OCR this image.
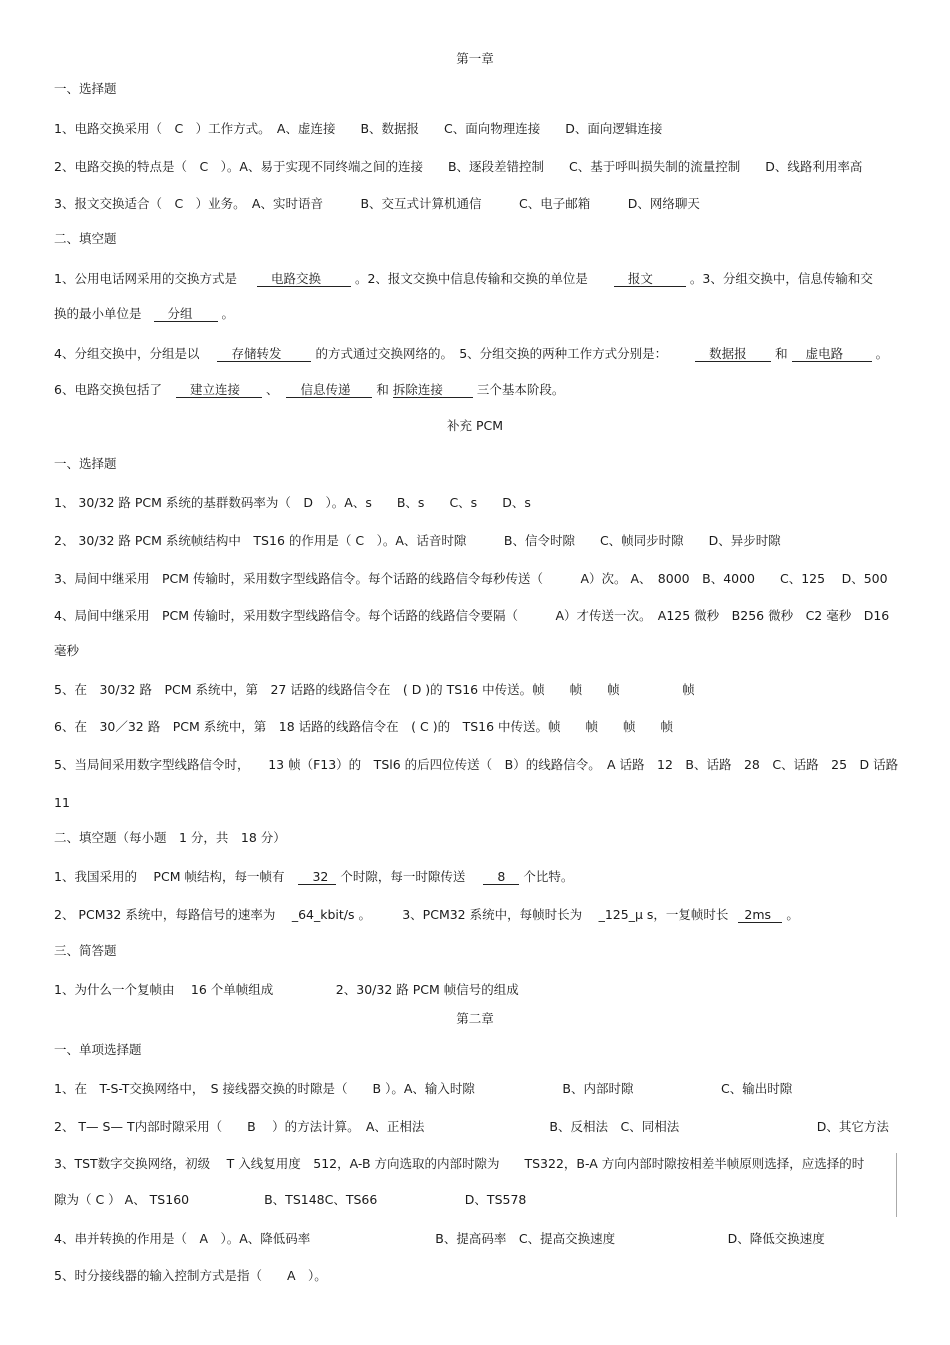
第一章
一、选择题
1、电路交换采用（　C　）工作方式。　A、虚连接　　B、数据报　　C、面向物理连接　　D、面向逻辑连接
2、电路交换的特点是（　C　）。A、易于实现不同终端之间的连接　　B、逐段差错控制　　C、基于呼叫损失制的流量控制　　D、线路利用率高
3、报文交换适合（　C　）业务。　A、实时语音　　　B、交互式计算机通信　　　C、电子邮箱　　　D、网络聊天
二、填空题
1、公用电话网采用的交换方式是	电路交换	。2、报文交换中信息传输和交换的单位是	报文	。3、分组交换中，信息传输和交
换的最小单位是 分组 。
4、分组交换中，分组是以	存储转发	的方式通过交换网络的。　5、分组交换的两种工作方式分别是：	数据报 和 虚电路	。
6、电路交换包括了 建立连接 、 信息传递 和 拆除连接	三个基本阶段。
补充 PCM
一、选择题
1、 30/32 路 PCM 系统的基群数码率为（　D　）。A、s　　B、s　　C、s　　D、s
2、 30/32 路 PCM 系统帧结构中　TS16 的作用是（ C　）。A、话音时隙　　　B、信令时隙　　C、帧同步时隙　　D、异步时隙
3、局间中继采用　PCM 传输时，采用数字型线路信令。每个话路的线路信令每秒传送（　　　A）次。 A、　8000　B、4000　　C、125　 D、500
4、局间中继采用　PCM 传输时，采用数字型线路信令。每个话路的线路信令要隔（　　　A）才传送一次。　A125 微秒　B256 微秒　C2 毫秒　D16
毫秒
5、在　30/32 路　PCM 系统中，第　27 话路的线路信令在　( D )的 TS16 中传送。帧　　帧　　帧　　　　　帧
6、在　30／32 路　PCM 系统中，第　18 话路的线路信令在　( C )的　TS16 中传送。帧　　帧　　帧　　帧
5、当局间采用数字型线路信令时，　　13 帧（F13）的　TSl6 的后四位传送（　B）的线路信令。　A 话路　12　B、话路　28　C、话路　25　D 话路
11
二、填空题（每小题　1 分，共　18 分）
1、我国采用的　 PCM 帧结构，每一帧有 32 个时隙，每一时隙传送	8 个比特。
2、 PCM32 系统中，每路信号的速率为　 _64_kbit/s 。　　　3、PCM32 系统中，每帧时长为　 _125_μ s，一复帧时长 2ms 。
三、简答题
1、为什么一个复帧由　 16 个单帧组成　　　　　2、30/32 路 PCM 帧信号的组成
第二章
一、单项选择题
1、在　T-S-T交换网络中，　S 接线器交换的时隙是（　　B ）。A、输入时隙　　　　　　　B、内部时隙　　　　　　　C、输出时隙
2、 T— S— T内部时隙采用（　　B　 ）的方法计算。　A、正相法　　　　　　　　　　B、反相法　C、同相法　　　　　　　　　　　D、其它方法
3、TST数字交换网络，初级　 T 入线复用度　512，A-B 方向选取的内部时隙为　　TS322，B-A 方向内部时隙按相差半帧原则选择，应选择的时
隙为（ C ） A、 TS160　　　　　　B、TS148C、TS66　　　　　　　D、TS578
4、串并转换的作用是（　A　）。A、降低码率　　　　　　　　　　B、提高码率　C、提高交换速度　　　　　　　　　D、降低交换速度
5、时分接线器的输入控制方式是指（　　A　）。
